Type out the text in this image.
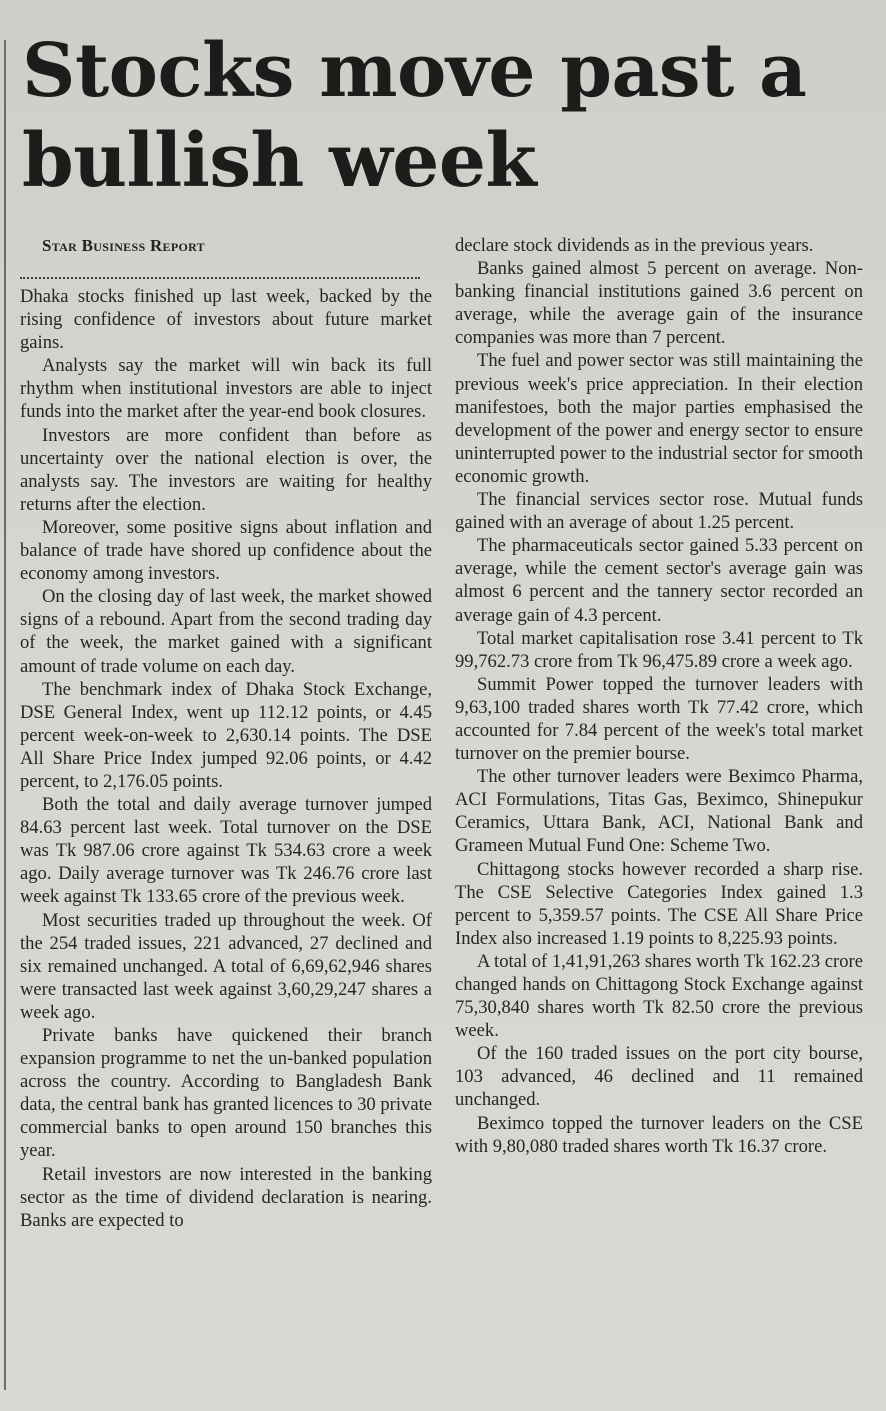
Stocks move past a bullish week

Star Business Report

Dhaka stocks finished up last week, backed by the rising confidence of investors about future market gains.

Analysts say the market will win back its full rhythm when institutional investors are able to inject funds into the market after the year-end book closures.

Investors are more confident than before as uncertainty over the national election is over, the analysts say. The investors are waiting for healthy returns after the election.

Moreover, some positive signs about inflation and balance of trade have shored up confidence about the economy among investors.

On the closing day of last week, the market showed signs of a rebound. Apart from the second trading day of the week, the market gained with a significant amount of trade volume on each day.

The benchmark index of Dhaka Stock Exchange, DSE General Index, went up 112.12 points, or 4.45 percent week-on-week to 2,630.14 points. The DSE All Share Price Index jumped 92.06 points, or 4.42 percent, to 2,176.05 points.

Both the total and daily average turnover jumped 84.63 percent last week. Total turnover on the DSE was Tk 987.06 crore against Tk 534.63 crore a week ago. Daily average turnover was Tk 246.76 crore last week against Tk 133.65 crore of the previous week.

Most securities traded up throughout the week. Of the 254 traded issues, 221 advanced, 27 declined and six remained unchanged. A total of 6,69,62,946 shares were transacted last week against 3,60,29,247 shares a week ago.

Private banks have quickened their branch expansion programme to net the un-banked population across the country. According to Bangladesh Bank data, the central bank has granted licences to 30 private commercial banks to open around 150 branches this year.

Retail investors are now interested in the banking sector as the time of dividend declaration is nearing. Banks are expected to

declare stock dividends as in the previous years.

Banks gained almost 5 percent on average. Non-banking financial institutions gained 3.6 percent on average, while the average gain of the insurance companies was more than 7 percent.

The fuel and power sector was still maintaining the previous week's price appreciation. In their election manifestoes, both the major parties emphasised the development of the power and energy sector to ensure uninterrupted power to the industrial sector for smooth economic growth.

The financial services sector rose. Mutual funds gained with an average of about 1.25 percent.

The pharmaceuticals sector gained 5.33 percent on average, while the cement sector's average gain was almost 6 percent and the tannery sector recorded an average gain of 4.3 percent.

Total market capitalisation rose 3.41 percent to Tk 99,762.73 crore from Tk 96,475.89 crore a week ago.

Summit Power topped the turnover leaders with 9,63,100 traded shares worth Tk 77.42 crore, which accounted for 7.84 percent of the week's total market turnover on the premier bourse.

The other turnover leaders were Beximco Pharma, ACI Formulations, Titas Gas, Beximco, Shinepukur Ceramics, Uttara Bank, ACI, National Bank and Grameen Mutual Fund One: Scheme Two.

Chittagong stocks however recorded a sharp rise. The CSE Selective Categories Index gained 1.3 percent to 5,359.57 points. The CSE All Share Price Index also increased 1.19 points to 8,225.93 points.

A total of 1,41,91,263 shares worth Tk 162.23 crore changed hands on Chittagong Stock Exchange against 75,30,840 shares worth Tk 82.50 crore the previous week.

Of the 160 traded issues on the port city bourse, 103 advanced, 46 declined and 11 remained unchanged.

Beximco topped the turnover leaders on the CSE with 9,80,080 traded shares worth Tk 16.37 crore.
